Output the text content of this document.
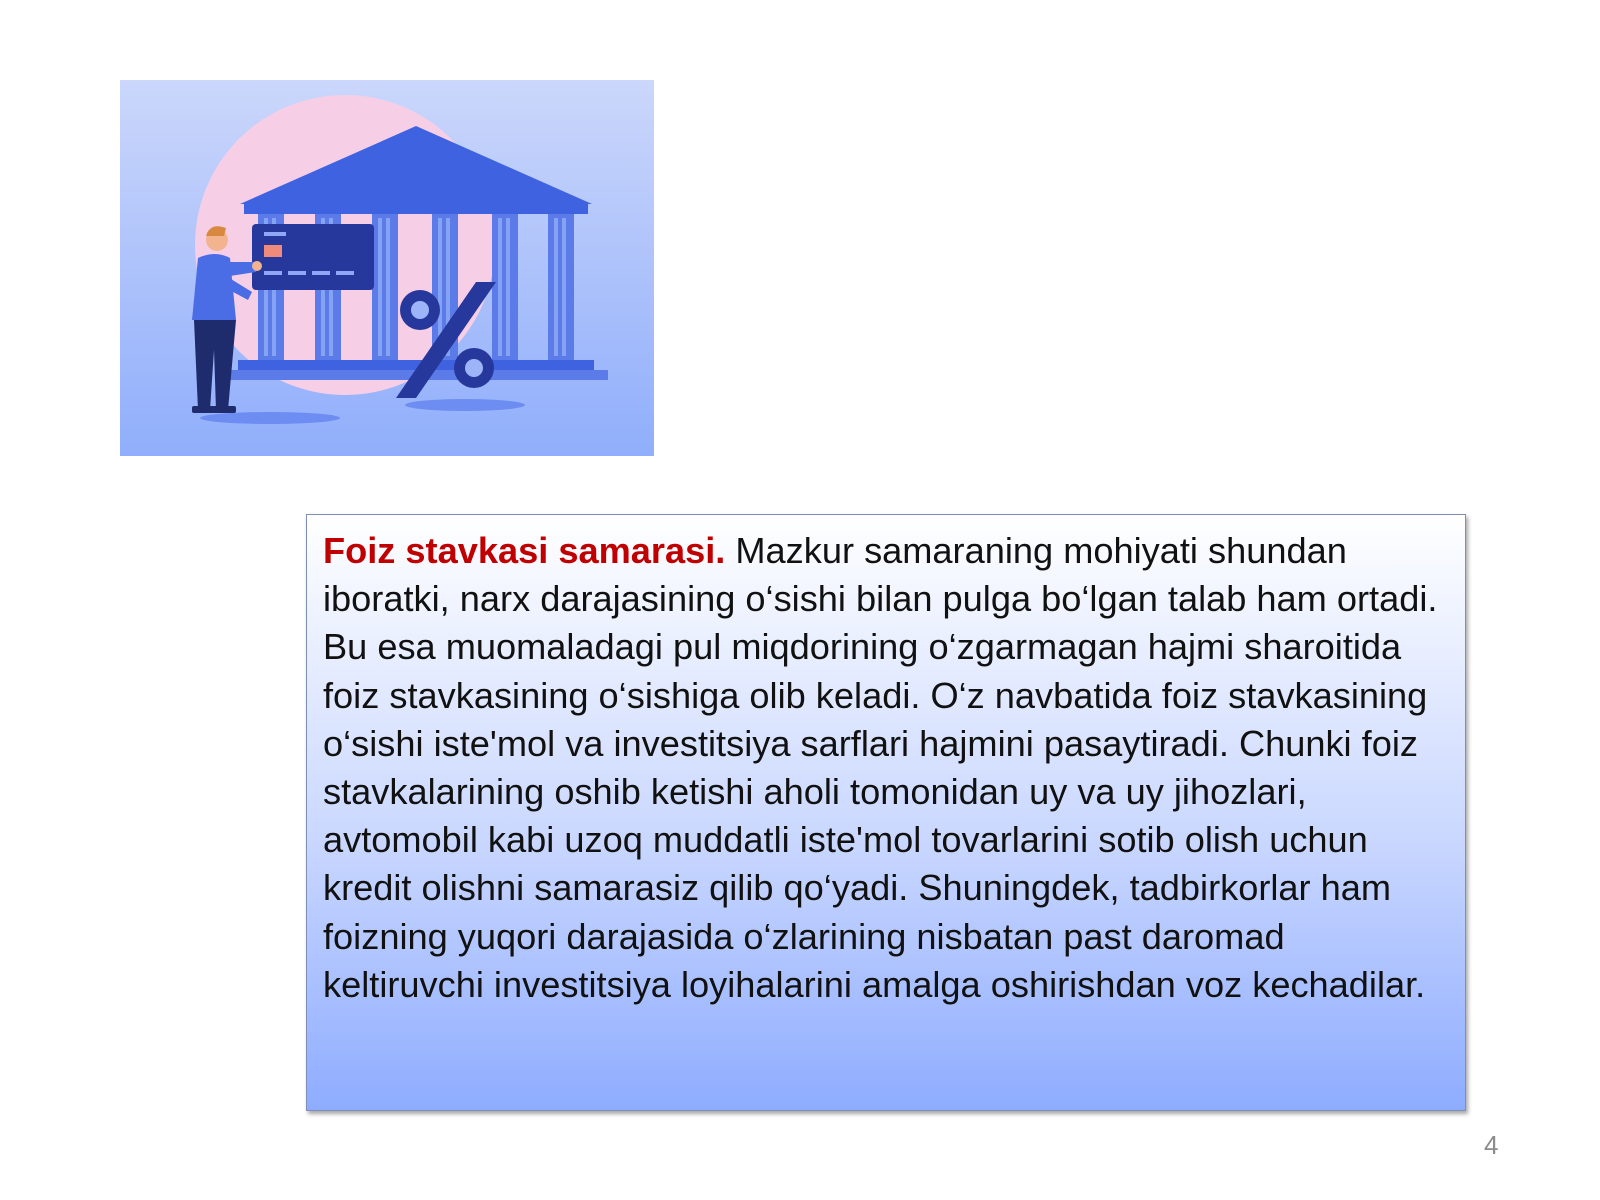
Foiz stavkasi samarasi. Mazkur samaraning mohiyati shundan iboratki, narx darajasining o‘sishi bilan pulga bo‘lgan talab ham ortadi. Bu esa muomaladagi pul miqdorining o‘zgarmagan hajmi sharoitida foiz stavkasining o‘sishiga olib keladi. O‘z navbatida foiz stavkasining o‘sishi iste'mol va investitsiya sarflari hajmini pasaytiradi. Chunki foiz stavkalarining oshib ketishi aholi tomonidan uy va uy jihozlari, avtomobil kabi uzoq muddatli iste'mol tovarlarini sotib olish uchun kredit olishni samarasiz qilib qo‘yadi. Shuningdek, tadbirkorlar ham foizning yuqori darajasida o‘zlarining nisbatan past daromad keltiruvchi investitsiya loyihalarini amalga oshirishdan voz kechadilar.

4
